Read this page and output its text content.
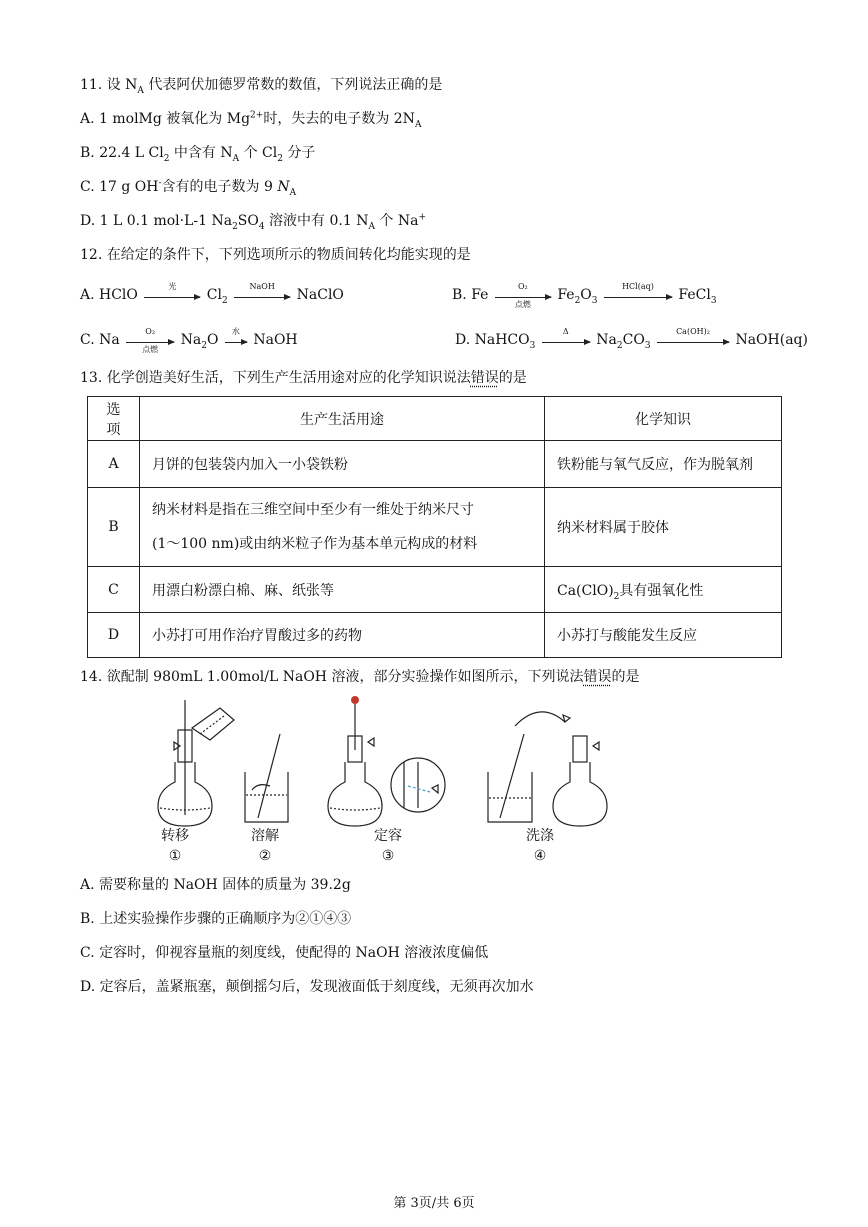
11. 设 $N_A$ 代表阿伏加德罗常数的数值，下列说法正确的是
A. 1 molMg 被氧化为 $Mg^{2+}$时，失去的电子数为 $2N_A$
B. 22.4 L $Cl_2$ 中含有 $N_A$ 个 $Cl_2$ 分子
C. 17 g OH-含有的电子数为 9 $N_A$
D. 1 L 0.1 mol·L-1 $Na_2SO_4$ 溶液中有 0.1 $N_A$ 个 Na+
12. 在给定的条件下，下列选项所示的物质间转化均能实现的是
A. HClO
光
$Cl_2$
NaOH
NaClO	B. Fe
O₂
点燃
$Fe_2O_3$
HCl(aq)
FeCl$_3$
C. Na
O₂
点燃
$Na_2O$
水
NaOH	D. NaHCO$_3$
Δ
$Na_2CO_3$
Ca(OH)₂
NaOH(aq)
13. 化学创造美好生活，下列生产生活用途对应的化学知识说法错误的是
选项	生产生活用途	化学知识
A	月饼的包装袋内加入一小袋铁粉	铁粉能与氧气反应，作为脱氧剂
B	纳米材料是指在三维空间中至少有一维处于纳米尺寸
(1～100 nm)或由纳米粒子作为基本单元构成的材料	纳米材料属于胶体
C	用漂白粉漂白棉、麻、纸张等	$Ca(ClO)_2$具有强氧化性
D	小苏打可用作治疗胃酸过多的药物	小苏打与酸能发生反应
14. 欲配制 980mL 1.00mol/L NaOH 溶液，部分实验操作如图所示，下列说法错误的是
转移
①
溶解
②
定容
③
洗涤
④
A. 需要称量的 NaOH 固体的质量为 39.2g
B. 上述实验操作步骤的正确顺序为②①④③
C. 定容时，仰视容量瓶的刻度线，使配得的 NaOH 溶液浓度偏低
D. 定容后，盖紧瓶塞，颠倒摇匀后，发现液面低于刻度线，无须再次加水
第 3页/共 6页
